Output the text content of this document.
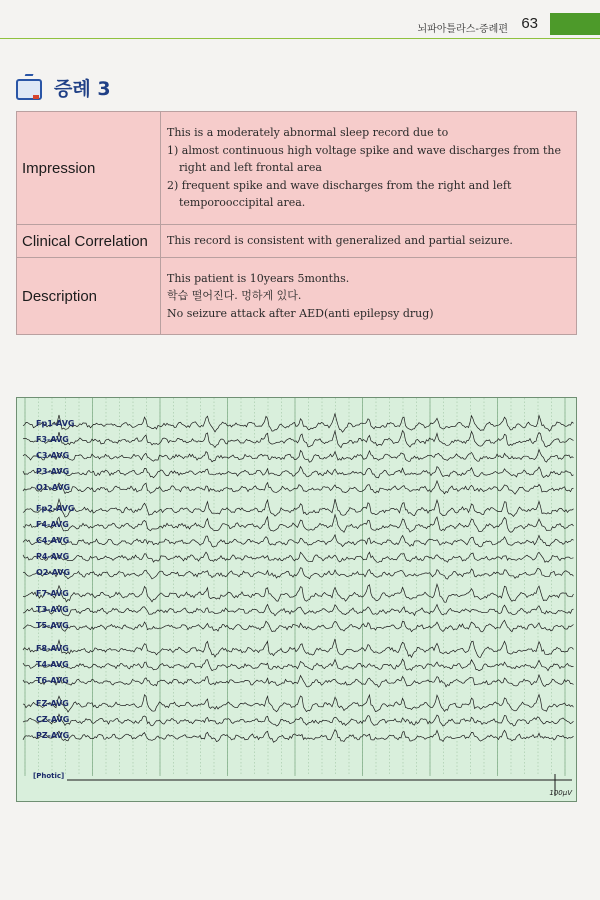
뇌파아틀라스-증례편 63
증례 3
Impression	This is a moderately abnormal sleep record due to
1) almost continuous high voltage spike and wave discharges from the right and left frontal area
2) frequent spike and wave discharges from the right and left temporooccipital area.

Clinical Correlation	This record is consistent with generalized and partial seizure.
Description	This patient is 10years 5months.
학습 떨어진다. 멍하게 있다.
No seizure attack after AED(anti epilepsy drug)
[Photic]
100μV
Fp1-AVG
F3-AVG
C3-AVG
P3-AVG
O1-AVG
Fp2-AVG
F4-AVG
C4-AVG
P4-AVG
O2-AVG
F7-AVG
T3-AVG
T5-AVG
F8-AVG
T4-AVG
T6-AVG
FZ-AVG
CZ-AVG
PZ-AVG
